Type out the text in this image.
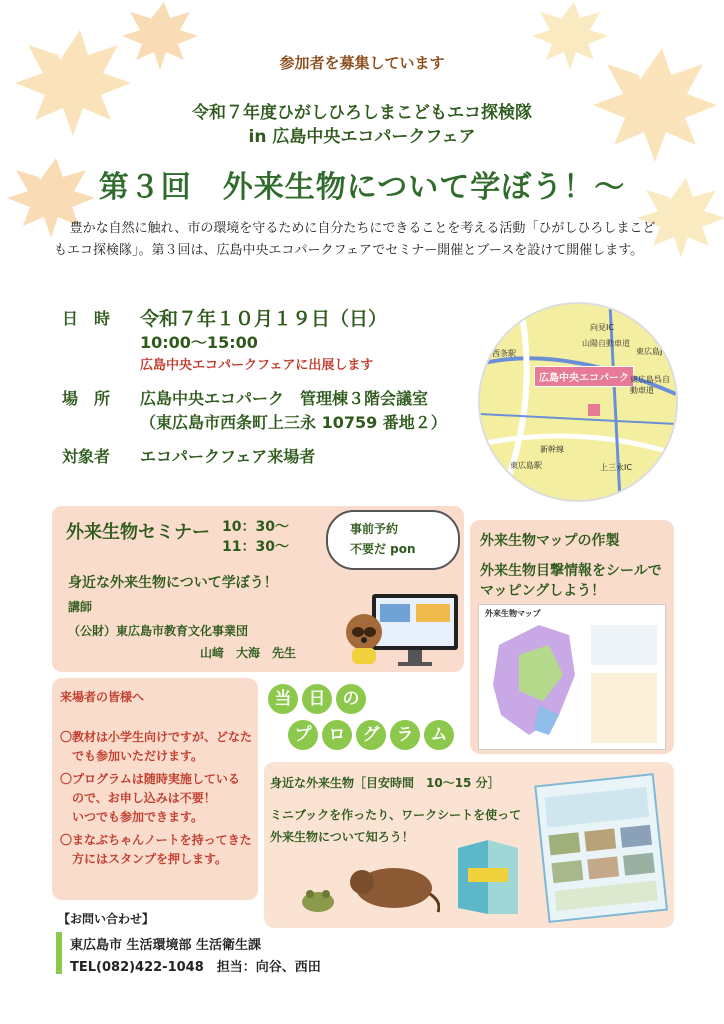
参加者を募集しています
令和７年度ひがしひろしまこどもエコ探検隊
in 広島中央エコパークフェア
第３回　外来生物について学ぼう！～
豊かな自然に触れ、市の環境を守るために自分たちにできることを考える活動「ひがしひろしまこどもエコ探検隊」。第３回は、広島中央エコパークフェアでセミナー開催とブースを設けて開催します。
日　時 令和７年１０月１９日（日）
10:00～15:00
広島中央エコパークフェアに出展します
場　所 広島中央エコパーク　管理棟３階会議室
（東広島市西条町上三永 10759 番地２）
対象者 エコパークフェア来場者
広島中央エコパーク
向見IC
山陽自動車道
東広島JCT
東広島呉自動車道
西条駅
東広島駅	上三永IC
新幹線
外来生物セミナー 10：30～
11：30～
事前予約
不要だ pon
身近な外来生物について学ぼう！
講師
（公財）東広島市教育文化事業団
山﨑　大海　先生
外来生物マップの作製
外来生物目撃情報をシールで
マッピングしよう！
外来生物マップ
来場者の皆様へ
〇教材は小学生向けですが、どなた
　でも参加いただけます。
〇プログラムは随時実施している
　ので、お申し込みは不要！
　いつでも参加できます。
〇まなぶちゃんノートを持ってきた
　方にはスタンプを押します。
当	日	の
プ	ロ	グ	ラ	ム
身近な外来生物［目安時間　10～15 分］
ミニブックを作ったり、ワークシートを使って
外来生物について知ろう！
【お問い合わせ】
東広島市 生活環境部 生活衛生課
TEL(082)422-1048　担当：向谷、西田
